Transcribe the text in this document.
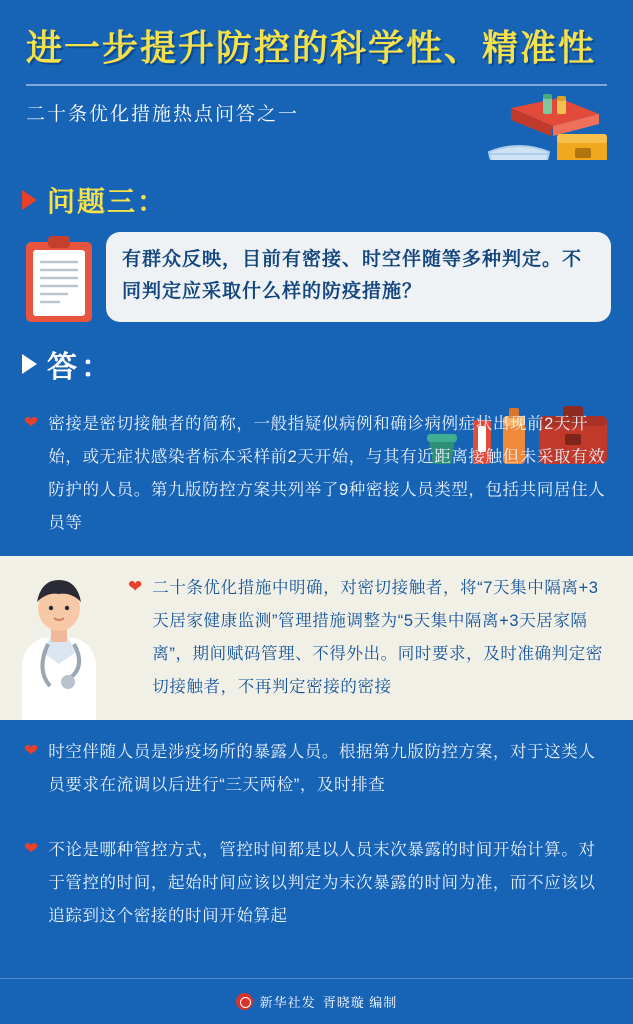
进一步提升防控的科学性、精准性
二十条优化措施热点问答之一
问题三：
有群众反映，目前有密接、时空伴随等多种判定。不同判定应采取什么样的防疫措施？
答：
❤ 密接是密切接触者的简称，一般指疑似病例和确诊病例症状出现前2天开始，或无症状感染者标本采样前2天开始，与其有近距离接触但未采取有效防护的人员。第九版防控方案共列举了9种密接人员类型，包括共同居住人员等
❤ 二十条优化措施中明确，对密切接触者，将“7天集中隔离+3天居家健康监测”管理措施调整为“5天集中隔离+3天居家隔离”，期间赋码管理、不得外出。同时要求，及时准确判定密切接触者，不再判定密接的密接
❤ 时空伴随人员是涉疫场所的暴露人员。根据第九版防控方案，对于这类人员要求在流调以后进行“三天两检”，及时排查
❤ 不论是哪种管控方式，管控时间都是以人员末次暴露的时间开始计算。对于管控的时间，起始时间应该以判定为末次暴露的时间为准，而不应该以追踪到这个密接的时间开始算起
新华社发 胥晓璇 编制
